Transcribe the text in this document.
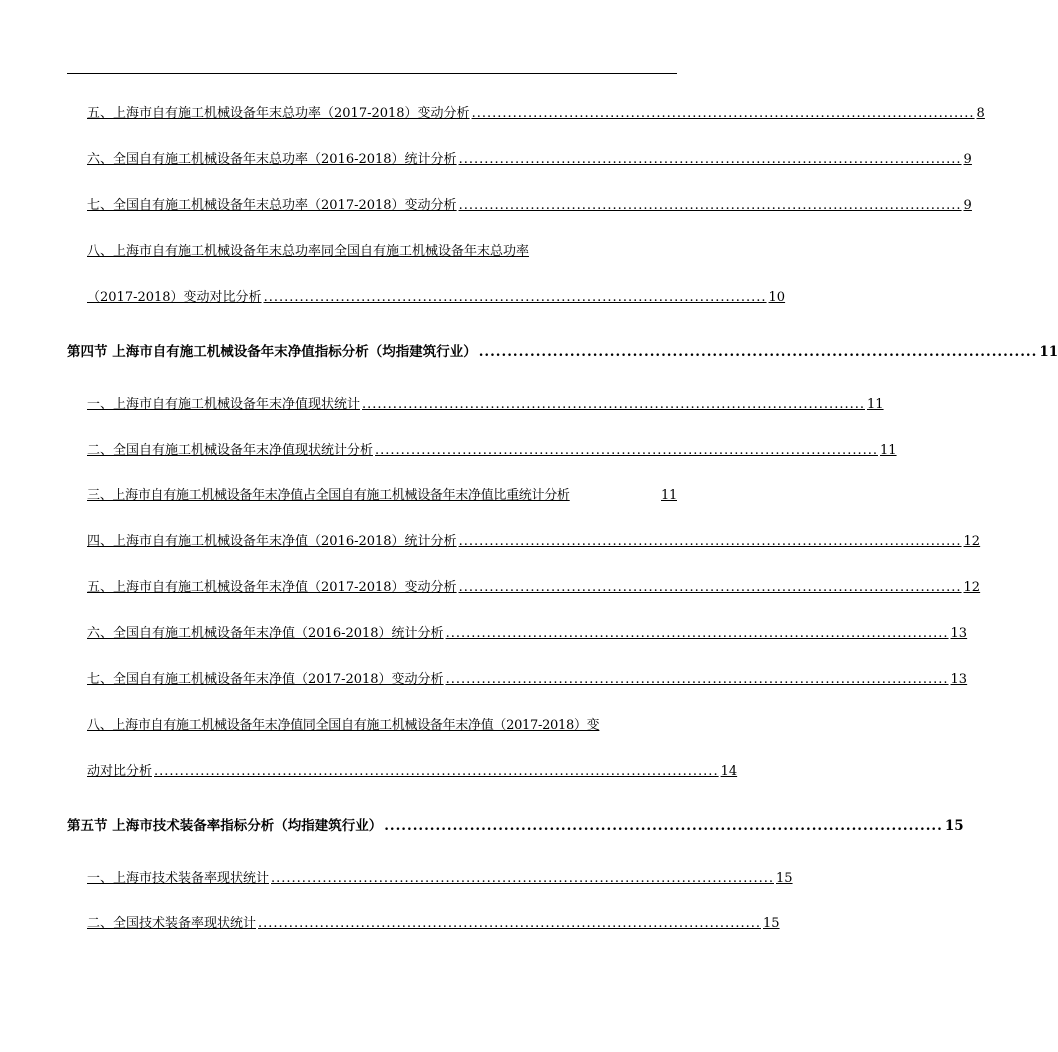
五、上海市自有施工机械设备年末总功率（2017-2018）变动分析 .................................................................................................. 8
六、全国自有施工机械设备年末总功率（2016-2018）统计分析 .................................................................................................. 9
七、全国自有施工机械设备年末总功率（2017-2018）变动分析 .................................................................................................. 9
八、上海市自有施工机械设备年末总功率同全国自有施工机械设备年末总功率
（2017-2018）变动对比分析 .................................................................................................. 10
第四节 上海市自有施工机械设备年末净值指标分析（均指建筑行业） .................................................................................................. 11
一、上海市自有施工机械设备年末净值现状统计 .................................................................................................. 11
二、全国自有施工机械设备年末净值现状统计分析 .................................................................................................. 11
三、上海市自有施工机械设备年末净值占全国自有施工机械设备年末净值比重统计分析	11
四、上海市自有施工机械设备年末净值（2016-2018）统计分析 .................................................................................................. 12
五、上海市自有施工机械设备年末净值（2017-2018）变动分析 .................................................................................................. 12
六、全国自有施工机械设备年末净值（2016-2018）统计分析 .................................................................................................. 13
七、全国自有施工机械设备年末净值（2017-2018）变动分析 .................................................................................................. 13
八、上海市自有施工机械设备年末净值同全国自有施工机械设备年末净值（2017-2018）变
动对比分析 .............................................................................................................. 14
第五节 上海市技术装备率指标分析（均指建筑行业） .................................................................................................. 15
一、上海市技术装备率现状统计 .................................................................................................. 15
二、全国技术装备率现状统计 .................................................................................................. 15
